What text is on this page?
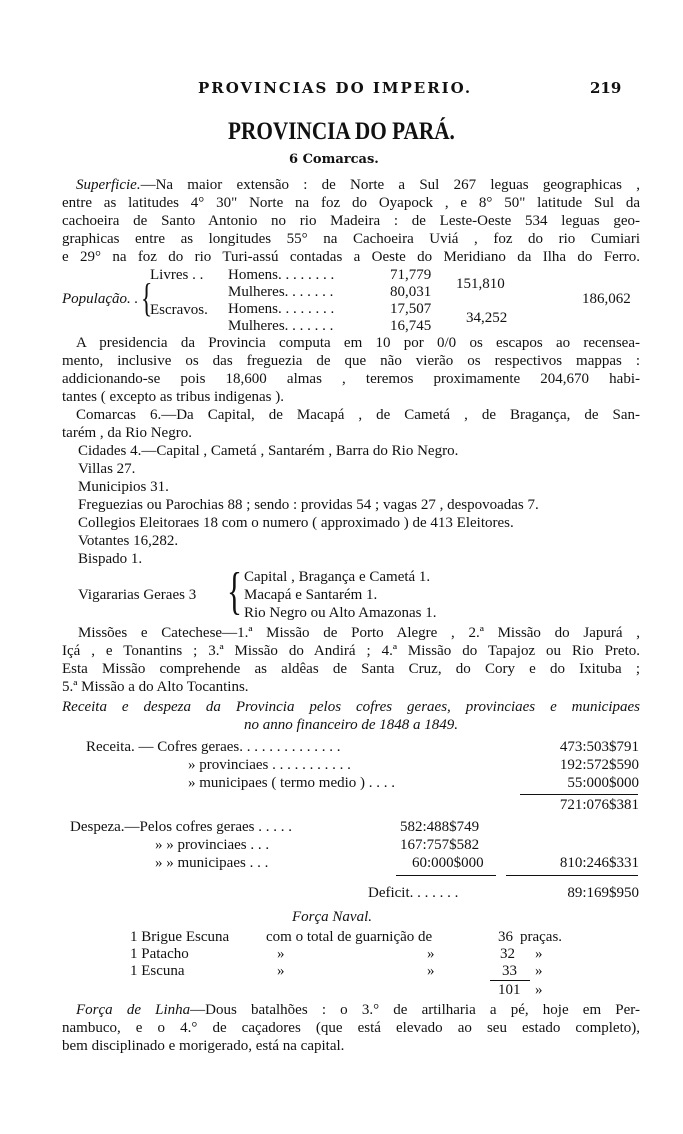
PROVINCIAS DO IMPERIO.	219
PROVINCIA DO PARÁ.
6 Comarcas.
Superficie.—Na maior extensão : de Norte a Sul 267 leguas geographicas ,
entre as latitudes 4° 30" Norte na foz do Oyapock , e 8° 50" latitude Sul da
cachoeira de Santo Antonio no rio Madeira : de Leste-Oeste 534 leguas geo-
graphicas entre as longitudes 55° na Cachoeira Uviá , foz do rio Cumiari
e 29° na foz do rio Turi-assú contadas a Oeste do Meridiano da Ilha do Ferro.
População. . {
Livres . .
Escravos.
Homens. . . . . . . .	71,779
Mulheres. . . . . . .	80,031 151,810
Homens. . . . . . . .	17,507
Mulheres. . . . . . .	16,745 34,252
186,062
A presidencia da Provincia computa em 10 por 0/0 os escapos ao recensea-
mento, inclusive os das freguezia de que não vierão os respectivos mappas :
addicionando-se pois 18,600 almas , teremos proximamente 204,670 habi-
tantes ( excepto as tribus indigenas ).
Comarcas 6.—Da Capital, de Macapá , de Cametá , de Bragança, de San-
tarém , da Rio Negro.
Cidades 4.—Capital , Cametá , Santarém , Barra do Rio Negro.
Villas 27.
Municipios 31.
Freguezias ou Parochias 88 ; sendo : providas 54 ; vagas 27 , despovoadas 7.
Collegios Eleitoraes 18 com o numero ( approximado ) de 413 Eleitores.
Votantes 16,282.
Bispado 1.
Vigararias Geraes 3 { Capital , Bragança e Cametá 1.
Macapá e Santarém 1.
Rio Negro ou Alto Amazonas 1.
Missões e Catechese—1.ª Missão de Porto Alegre , 2.ª Missão do Japurá ,
Içá , e Tonantins ; 3.ª Missão do Andirá ; 4.ª Missão do Tapajoz ou Rio Preto.
Esta Missão comprehende as aldêas de Santa Cruz, do Cory e do Ixituba ;
5.ª Missão a do Alto Tocantins.
Receita e despeza da Provincia pelos cofres geraes, provinciaes e municipaes
no anno financeiro de 1848 a 1849.
Receita. — Cofres geraes. . . . . . . . . . . . . .	473:503$791
» provinciaes . . . . . . . . . . .	192:572$590
» municipaes ( termo medio ) . . . .	55:000$000
721:076$381
Despeza.—Pelos cofres geraes . . . . .	582:488$749
» » provinciaes . . .	167:757$582
» » municipaes . . .	60:000$000	810:246$331
Deficit. . . . . . .	89:169$950
Força Naval.
1 Brigue Escuna com o total de guarnição de	36 praças.
1 Patacho	»	»	32 »
1 Escuna	»	»	33 »
101 »
Força de Linha—Dous batalhões : o 3.° de artilharia a pé, hoje em Per-
nambuco, e o 4.° de caçadores (que está elevado ao seu estado completo),
bem disciplinado e morigerado, está na capital.
